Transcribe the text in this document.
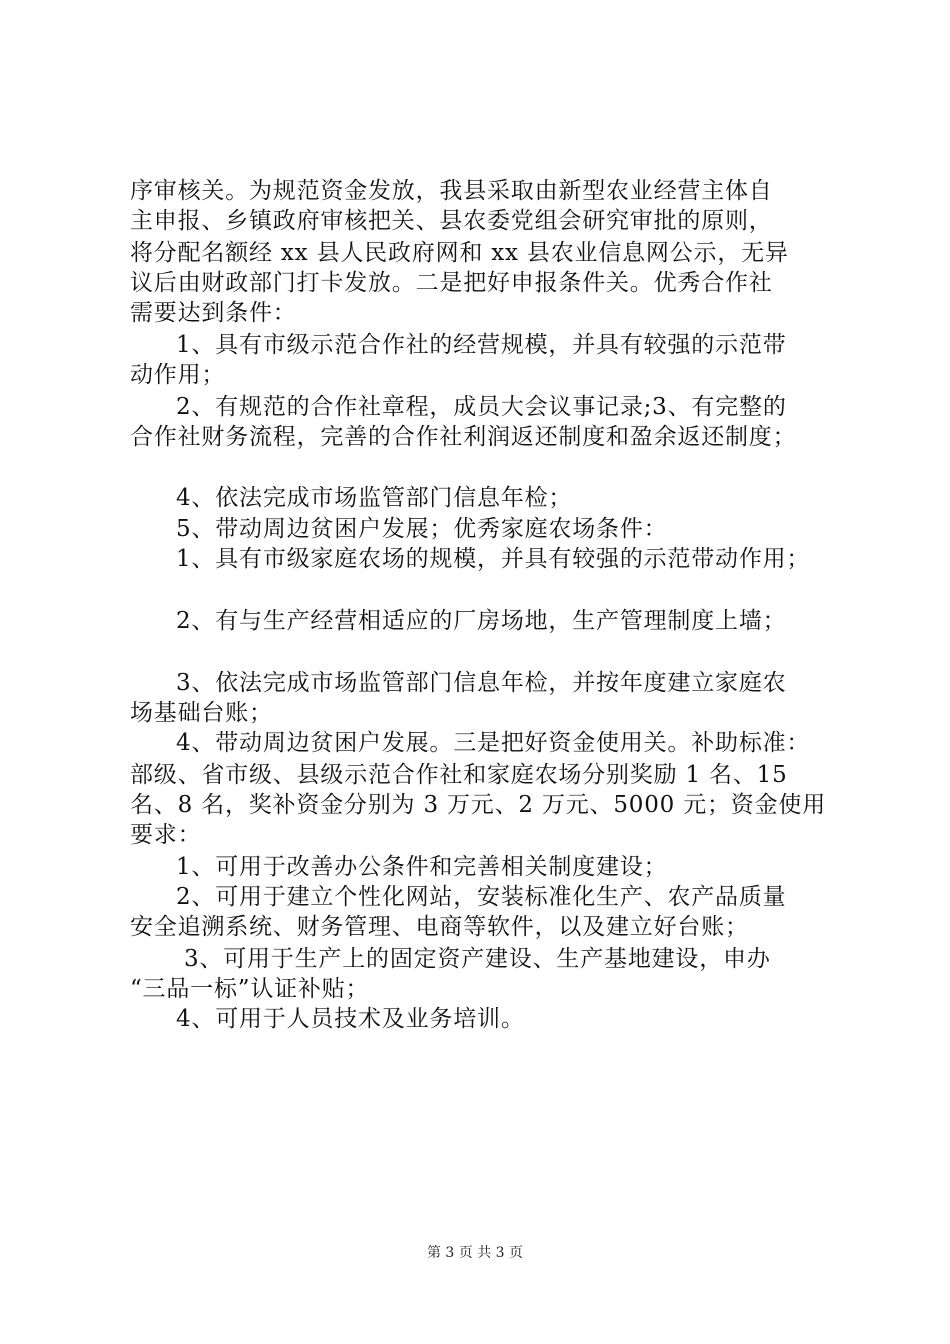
序审核关。为规范资金发放，我县采取由新型农业经营主体自
主申报、乡镇政府审核把关、县农委党组会研究审批的原则，
将分配名额经 xx 县人民政府网和 xx 县农业信息网公示，无异
议后由财政部门打卡发放。二是把好申报条件关。优秀合作社
需要达到条件：
1、具有市级示范合作社的经营规模，并具有较强的示范带
动作用；
2、有规范的合作社章程，成员大会议事记录;3、有完整的
合作社财务流程，完善的合作社利润返还制度和盈余返还制度；
4、依法完成市场监管部门信息年检；
5、带动周边贫困户发展；优秀家庭农场条件：
1、具有市级家庭农场的规模，并具有较强的示范带动作用；
2、有与生产经营相适应的厂房场地，生产管理制度上墙；
3、依法完成市场监管部门信息年检，并按年度建立家庭农
场基础台账；
4、带动周边贫困户发展。三是把好资金使用关。补助标准：
部级、省市级、县级示范合作社和家庭农场分别奖励 1 名、15
名、8 名，奖补资金分别为 3 万元、2 万元、5000 元；资金使用
要求：
1、可用于改善办公条件和完善相关制度建设；
2、可用于建立个性化网站，安装标准化生产、农产品质量
安全追溯系统、财务管理、电商等软件，以及建立好台账；
3、可用于生产上的固定资产建设、生产基地建设，申办
“三品一标”认证补贴；
4、可用于人员技术及业务培训。
第 3 页 共 3 页
